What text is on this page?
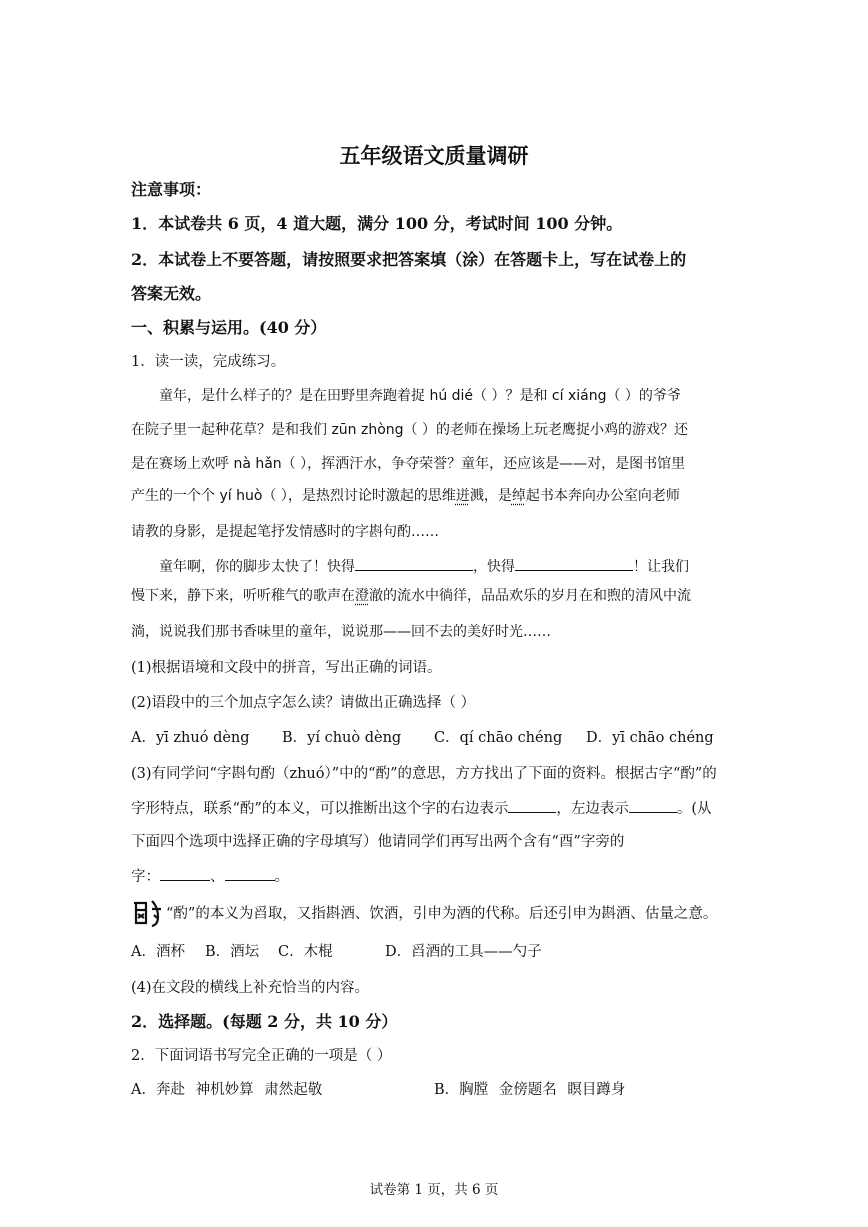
五年级语文质量调研
注意事项：
1．本试卷共 6 页，4 道大题，满分 100 分，考试时间 100 分钟。
2．本试卷上不要答题，请按照要求把答案填（涂）在答题卡上，写在试卷上的
答案无效。
一、积累与运用。(40 分）
1．读一读，完成练习。
童年，是什么样子的？是在田野里奔跑着捉 hú dié（ ）？是和 cí xiáng（ ）的爷爷
在院子里一起种花草？是和我们 zūn zhòng（ ）的老师在操场上玩老鹰捉小鸡的游戏？还
是在赛场上欢呼 nà hǎn（ ），挥洒汗水，争夺荣誉？童年，还应该是——对，是图书馆里
产生的一个个 yí huò（ ），是热烈讨论时激起的思维迸溅，是绰起书本奔向办公室向老师
请教的身影，是提起笔抒发情感时的字斟句酌……
童年啊，你的脚步太快了！快得	，快得	！让我们
慢下来，静下来，听听稚气的歌声在澄澈的流水中徜徉，品品欢乐的岁月在和煦的清风中流
淌，说说我们那书香味里的童年，说说那——回不去的美好时光……
(1)根据语境和文段中的拼音，写出正确的词语。
(2)语段中的三个加点字怎么读？请做出正确选择（ ）
A．yī zhuó dèng B．yí chuò dèng C．qí chāo chéng D．yī chāo chéng
(3)有同学问“字斟句酌（zhuó）”中的“酌”的意思，方方找出了下面的资料。根据古字“酌”的
字形特点，联系“酌”的本义，可以推断出这个字的右边表示	，左边表示	。(从
下面四个选项中选择正确的字母填写）他请同学们再写出两个含有“酉”字旁的
字：	、	。
“酌”的本义为舀取，又指斟酒、饮酒，引申为酒的代称。后还引申为斟酒、估量之意。
A．酒杯 B．酒坛 C．木棍	D．舀酒的工具——勺子
(4)在文段的横线上补充恰当的内容。
2．选择题。(每题 2 分，共 10 分）
2．下面词语书写完全正确的一项是（ ）
A．奔赴 神机妙算 肃然起敬	B．胸膛 金傍题名 瞑目蹲身
试卷第 1 页，共 6 页
